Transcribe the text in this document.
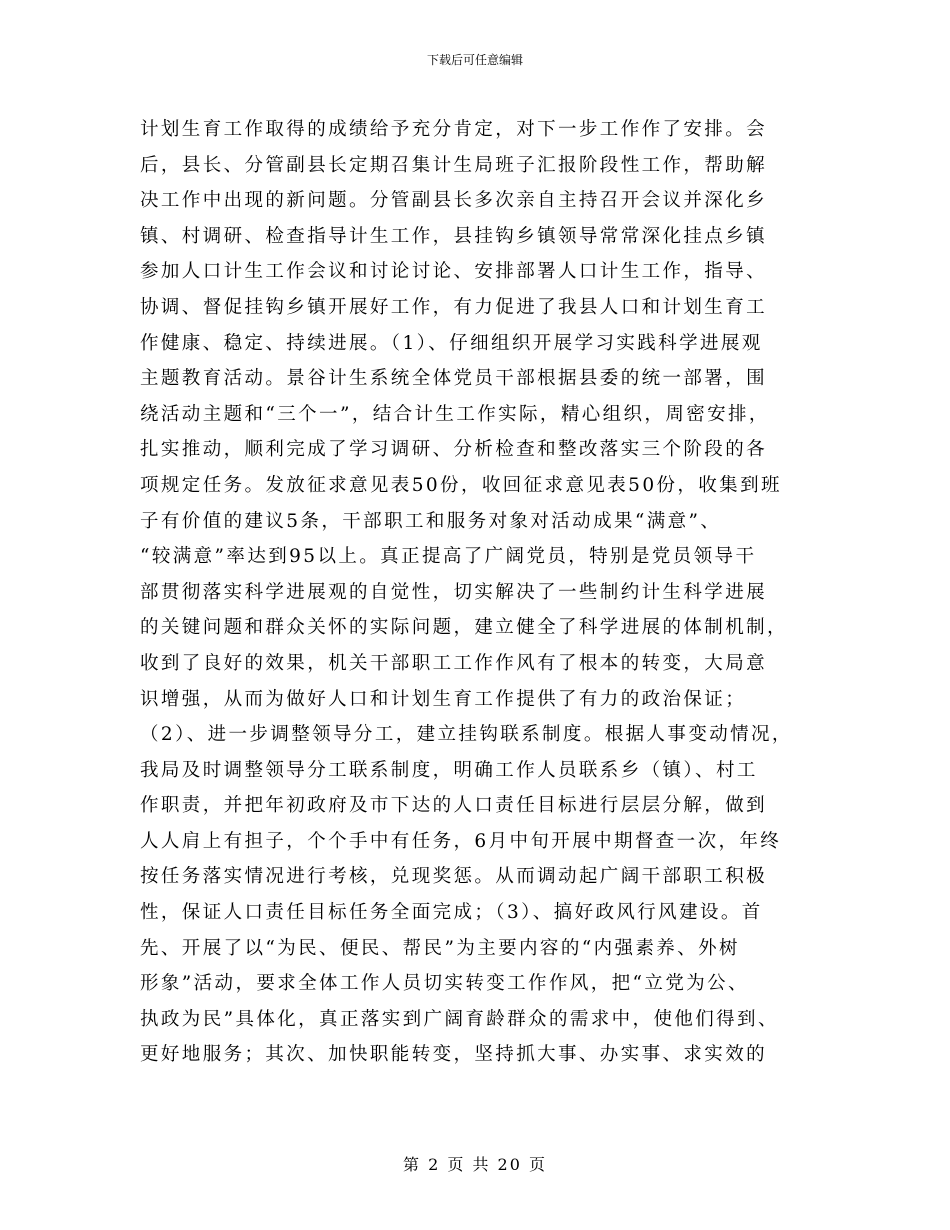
下载后可任意编辑
计划生育工作取得的成绩给予充分肯定，对下一步工作作了安排。会
后，县长、分管副县长定期召集计生局班子汇报阶段性工作，帮助解
决工作中出现的新问题。分管副县长多次亲自主持召开会议并深化乡
镇、村调研、检查指导计生工作，县挂钩乡镇领导常常深化挂点乡镇
参加人口计生工作会议和讨论讨论、安排部署人口计生工作，指导、
协调、督促挂钩乡镇开展好工作，有力促进了我县人口和计划生育工
作健康、稳定、持续进展。（1）、仔细组织开展学习实践科学进展观
主题教育活动。景谷计生系统全体党员干部根据县委的统一部署，围
绕活动主题和“三个一”，结合计生工作实际，精心组织，周密安排，
扎实推动，顺利完成了学习调研、分析检查和整改落实三个阶段的各
项规定任务。发放征求意见表50份，收回征求意见表50份，收集到班
子有价值的建议5条，干部职工和服务对象对活动成果“满意”、
“较满意”率达到95以上。真正提高了广阔党员，特别是党员领导干
部贯彻落实科学进展观的自觉性，切实解决了一些制约计生科学进展
的关键问题和群众关怀的实际问题，建立健全了科学进展的体制机制，
收到了良好的效果，机关干部职工工作作风有了根本的转变，大局意
识增强，从而为做好人口和计划生育工作提供了有力的政治保证；
（2）、进一步调整领导分工，建立挂钩联系制度。根据人事变动情况，
我局及时调整领导分工联系制度，明确工作人员联系乡（镇）、村工
作职责，并把年初政府及市下达的人口责任目标进行层层分解，做到
人人肩上有担子，个个手中有任务，6月中旬开展中期督查一次，年终
按任务落实情况进行考核，兑现奖惩。从而调动起广阔干部职工积极
性，保证人口责任目标任务全面完成；（3）、搞好政风行风建设。首
先、开展了以“为民、便民、帮民”为主要内容的“内强素养、外树
形象”活动，要求全体工作人员切实转变工作作风，把“立党为公、
执政为民”具体化，真正落实到广阔育龄群众的需求中，使他们得到、
更好地服务；其次、加快职能转变，坚持抓大事、办实事、求实效的
第 2 页 共 20 页
